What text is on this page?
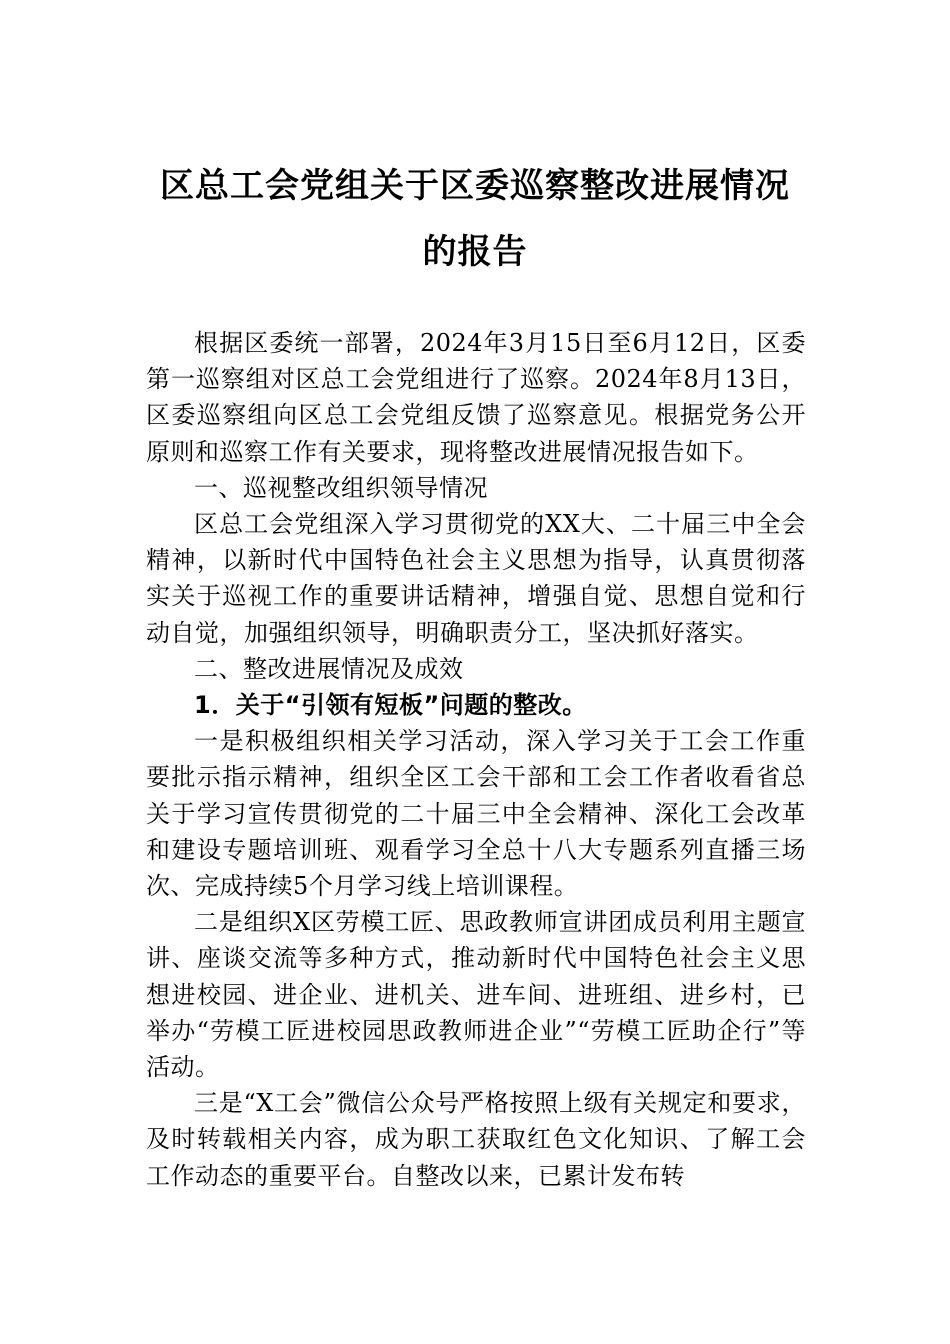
区总工会党组关于区委巡察整改进展情况
的报告

根据区委统一部署，2024年3月15日至6月12日，区委第一巡察组对区总工会党组进行了巡察。2024年8月13日，区委巡察组向区总工会党组反馈了巡察意见。根据党务公开原则和巡察工作有关要求，现将整改进展情况报告如下。

一、巡视整改组织领导情况

区总工会党组深入学习贯彻党的XX大、二十届三中全会精神，以新时代中国特色社会主义思想为指导，认真贯彻落实关于巡视工作的重要讲话精神，增强自觉、思想自觉和行动自觉，加强组织领导，明确职责分工，坚决抓好落实。

二、整改进展情况及成效

1．关于“引领有短板”问题的整改。

一是积极组织相关学习活动，深入学习关于工会工作重要批示指示精神，组织全区工会干部和工会工作者收看省总关于学习宣传贯彻党的二十届三中全会精神、深化工会改革和建设专题培训班、观看学习全总十八大专题系列直播三场次、完成持续5个月学习线上培训课程。

二是组织X区劳模工匠、思政教师宣讲团成员利用主题宣讲、座谈交流等多种方式，推动新时代中国特色社会主义思想进校园、进企业、进机关、进车间、进班组、进乡村，已举办“劳模工匠进校园思政教师进企业”“劳模工匠助企行”等活动。

三是“X工会”微信公众号严格按照上级有关规定和要求，及时转载相关内容，成为职工获取红色文化知识、了解工会工作动态的重要平台。自整改以来，已累计发布转
